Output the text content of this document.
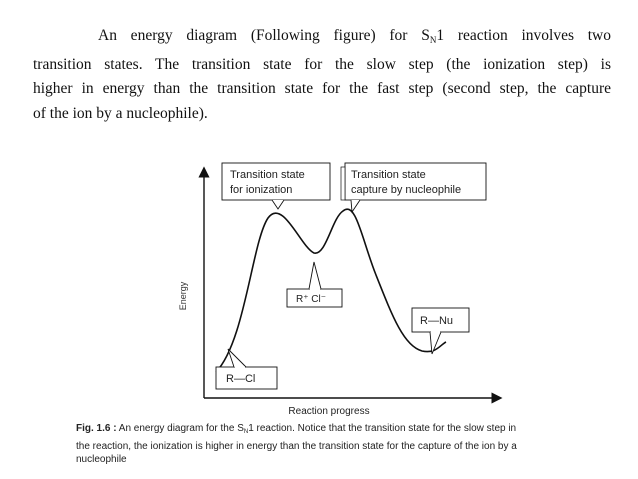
An energy diagram (Following figure) for $S_N1$ reaction involves two
transition states. The transition state for the slow step (the ionization step) is
higher in energy than the transition state for the fast step (second step, the capture
of the ion by a nucleophile).
Energy
Reaction progress
Transition state
for ionization
Transition state
capture by nucleophile
R⁺ Cl⁻
R—Cl
R—Nu
Fig. 1.6 : An energy diagram for the $S_N1$ reaction. Notice that the transition state for the slow step in
the reaction, the ionization is higher in energy than the transition state for the capture of the ion by a
nucleophile
